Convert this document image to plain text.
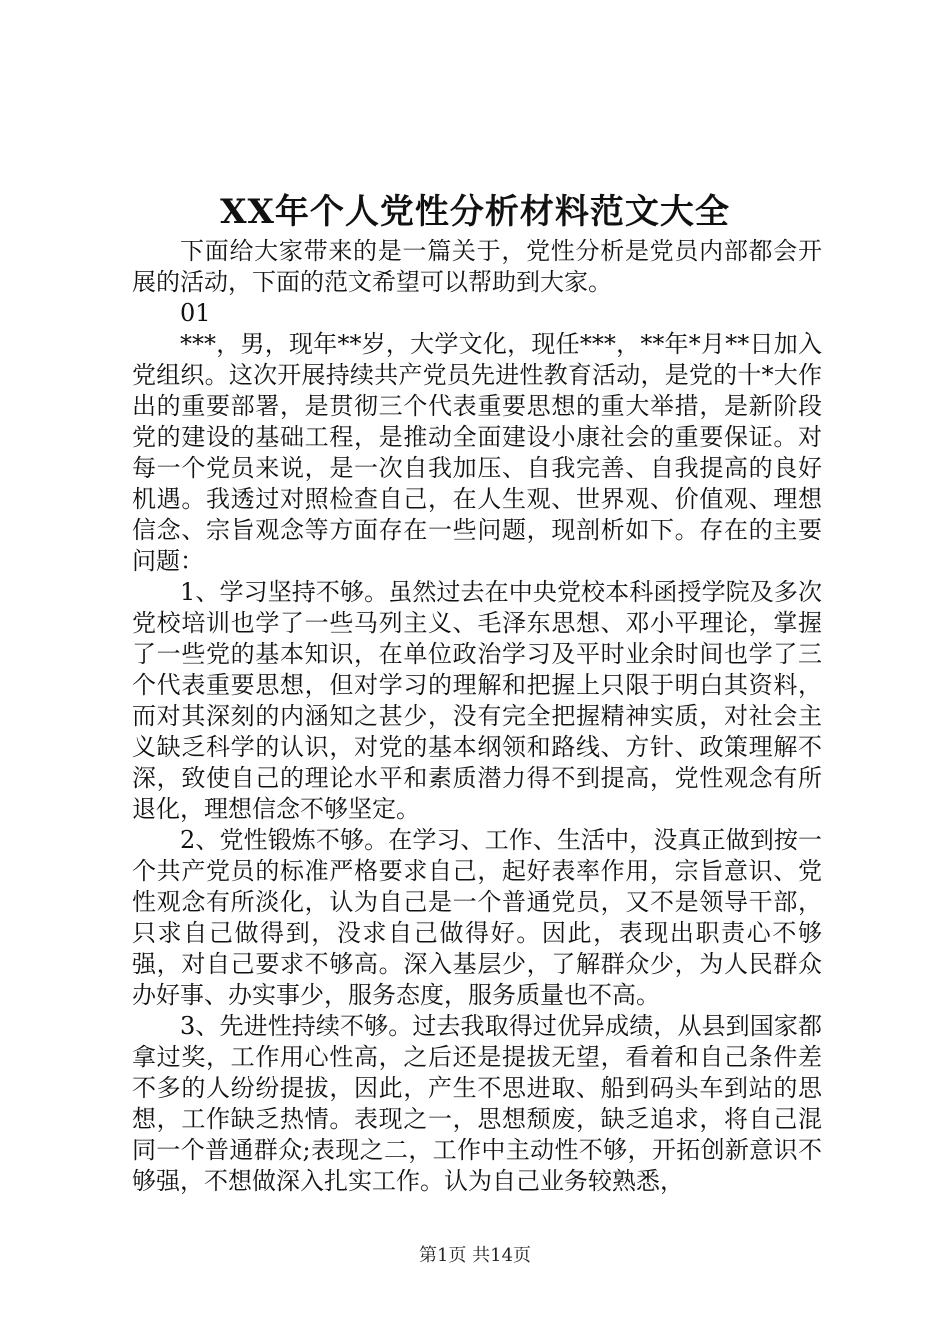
XX年个人党性分析材料范文大全

下面给大家带来的是一篇关于，党性分析是党员内部都会开展的活动，下面的范文希望可以帮助到大家。

01

***，男，现年**岁，大学文化，现任***，**年*月**日加入党组织。这次开展持续共产党员先进性教育活动，是党的十*大作出的重要部署，是贯彻三个代表重要思想的重大举措，是新阶段党的建设的基础工程，是推动全面建设小康社会的重要保证。对每一个党员来说，是一次自我加压、自我完善、自我提高的良好机遇。我透过对照检查自己，在人生观、世界观、价值观、理想信念、宗旨观念等方面存在一些问题，现剖析如下。存在的主要问题：

1、学习坚持不够。虽然过去在中央党校本科函授学院及多次党校培训也学了一些马列主义、毛泽东思想、邓小平理论，掌握了一些党的基本知识，在单位政治学习及平时业余时间也学了三个代表重要思想，但对学习的理解和把握上只限于明白其资料，而对其深刻的内涵知之甚少，没有完全把握精神实质，对社会主义缺乏科学的认识，对党的基本纲领和路线、方针、政策理解不深，致使自己的理论水平和素质潜力得不到提高，党性观念有所退化，理想信念不够坚定。

2、党性锻炼不够。在学习、工作、生活中，没真正做到按一个共产党员的标准严格要求自己，起好表率作用，宗旨意识、党性观念有所淡化，认为自己是一个普通党员，又不是领导干部，只求自己做得到，没求自己做得好。因此，表现出职责心不够强，对自己要求不够高。深入基层少，了解群众少，为人民群众办好事、办实事少，服务态度，服务质量也不高。

3、先进性持续不够。过去我取得过优异成绩，从县到国家都拿过奖，工作用心性高，之后还是提拔无望，看着和自己条件差不多的人纷纷提拔，因此，产生不思进取、船到码头车到站的思想，工作缺乏热情。表现之一，思想颓废，缺乏追求，将自己混同一个普通群众;表现之二，工作中主动性不够，开拓创新意识不够强，不想做深入扎实工作。认为自己业务较熟悉，

第1页 共14页
